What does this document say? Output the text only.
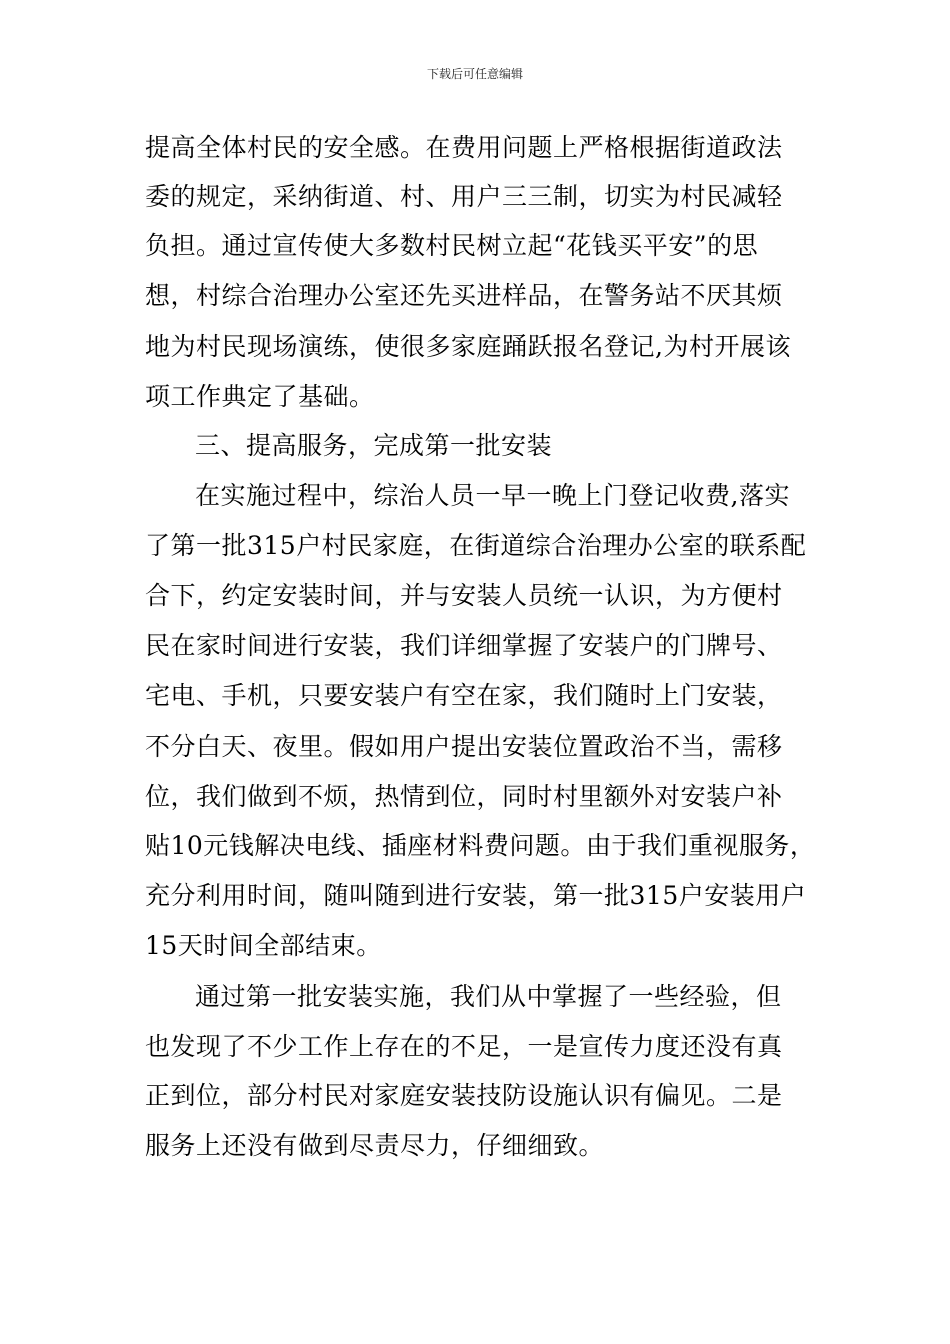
下载后可任意编辑
提高全体村民的安全感。在费用问题上严格根据街道政法
委的规定，采纳街道、村、用户三三制，切实为村民减轻
负担。通过宣传使大多数村民树立起“花钱买平安”的思
想，村综合治理办公室还先买进样品，在警务站不厌其烦
地为村民现场演练，使很多家庭踊跃报名登记,为村开展该
项工作典定了基础。
三、提高服务，完成第一批安装
在实施过程中，综治人员一早一晚上门登记收费,落实
了第一批315户村民家庭，在街道综合治理办公室的联系配
合下，约定安装时间，并与安装人员统一认识，为方便村
民在家时间进行安装，我们详细掌握了安装户的门牌号、
宅电、手机，只要安装户有空在家，我们随时上门安装，
不分白天、夜里。假如用户提出安装位置政治不当，需移
位，我们做到不烦，热情到位，同时村里额外对安装户补
贴10元钱解决电线、插座材料费问题。由于我们重视服务，
充分利用时间，随叫随到进行安装，第一批315户安装用户
15天时间全部结束。
通过第一批安装实施，我们从中掌握了一些经验，但
也发现了不少工作上存在的不足，一是宣传力度还没有真
正到位，部分村民对家庭安装技防设施认识有偏见。二是
服务上还没有做到尽责尽力，仔细细致。
